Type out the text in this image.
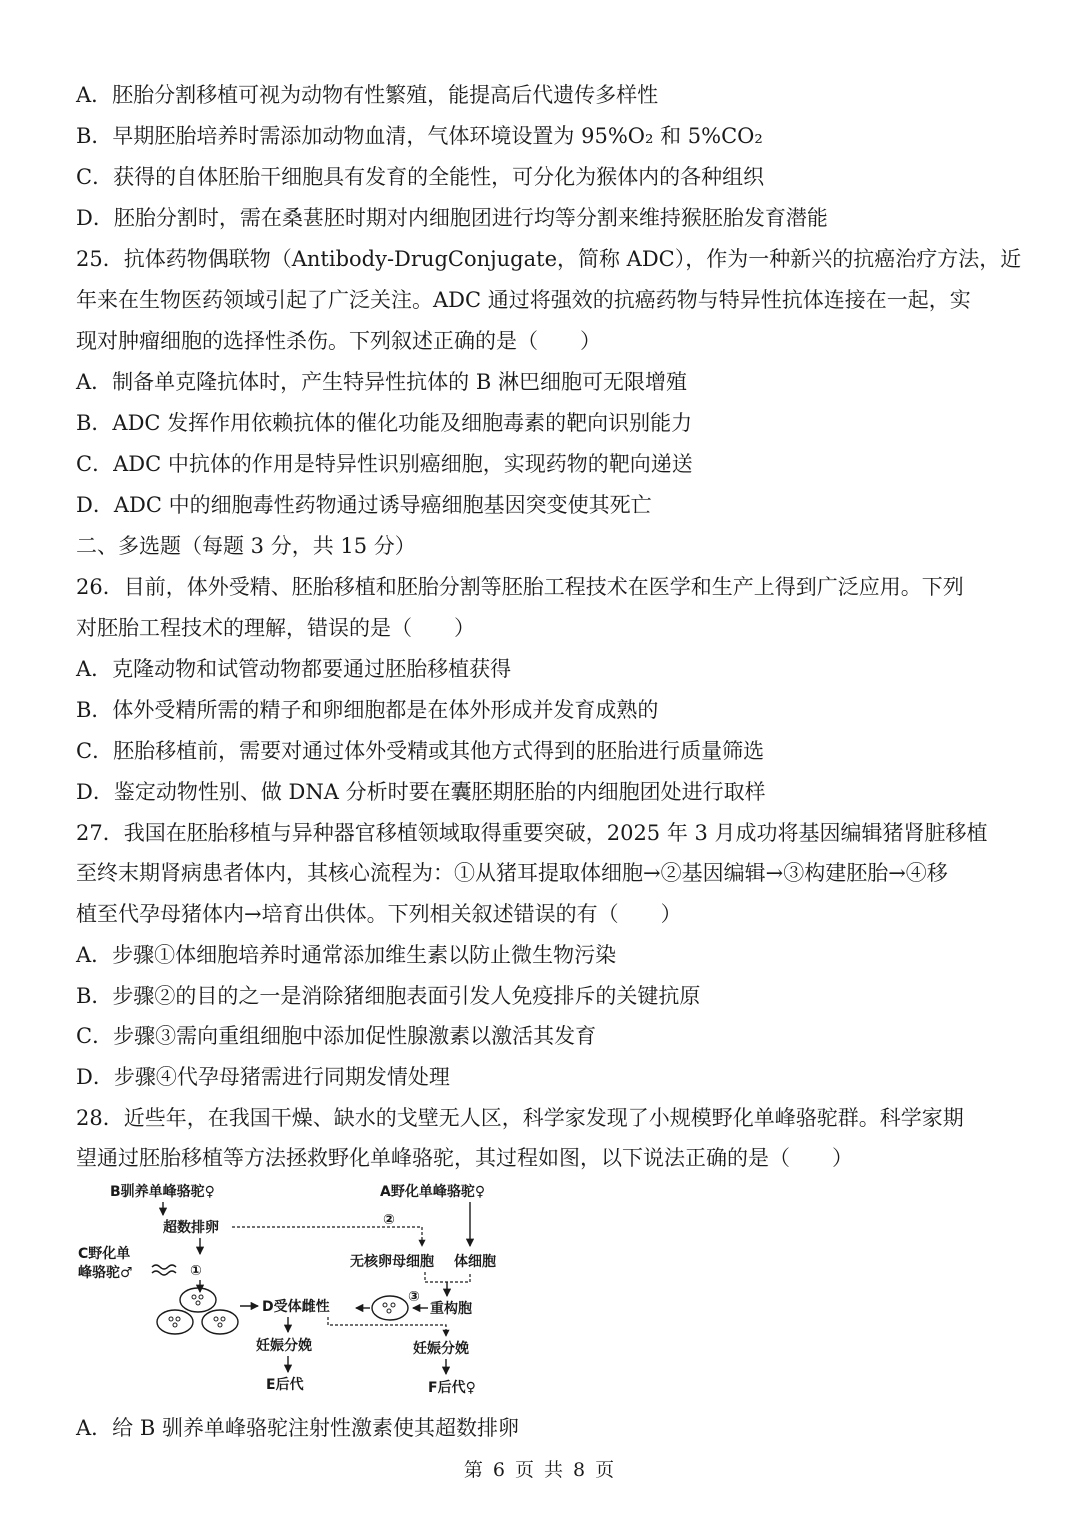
A．胚胎分割移植可视为动物有性繁殖，能提高后代遗传多样性
B．早期胚胎培养时需添加动物血清，气体环境设置为 95%O₂ 和 5%CO₂
C．获得的自体胚胎干细胞具有发育的全能性，可分化为猴体内的各种组织
D．胚胎分割时，需在桑葚胚时期对内细胞团进行均等分割来维持猴胚胎发育潜能
25．抗体药物偶联物（Antibody-DrugConjugate，简称 ADC），作为一种新兴的抗癌治疗方法，近
年来在生物医药领域引起了广泛关注。ADC 通过将强效的抗癌药物与特异性抗体连接在一起，实
现对肿瘤细胞的选择性杀伤。下列叙述正确的是（　　）
A．制备单克隆抗体时，产生特异性抗体的 B 淋巴细胞可无限增殖
B．ADC 发挥作用依赖抗体的催化功能及细胞毒素的靶向识别能力
C．ADC 中抗体的作用是特异性识别癌细胞，实现药物的靶向递送
D．ADC 中的细胞毒性药物通过诱导癌细胞基因突变使其死亡
二、多选题（每题 3 分，共 15 分）
26．目前，体外受精、胚胎移植和胚胎分割等胚胎工程技术在医学和生产上得到广泛应用。下列
对胚胎工程技术的理解，错误的是（　　）
A．克隆动物和试管动物都要通过胚胎移植获得
B．体外受精所需的精子和卵细胞都是在体外形成并发育成熟的
C．胚胎移植前，需要对通过体外受精或其他方式得到的胚胎进行质量筛选
D．鉴定动物性别、做 DNA 分析时要在囊胚期胚胎的内细胞团处进行取样
27．我国在胚胎移植与异种器官移植领域取得重要突破，2025 年 3 月成功将基因编辑猪肾脏移植
至终末期肾病患者体内，其核心流程为：①从猪耳提取体细胞→②基因编辑→③构建胚胎→④移
植至代孕母猪体内→培育出供体。下列相关叙述错误的有（　　）
A．步骤①体细胞培养时通常添加维生素以防止微生物污染
B．步骤②的目的之一是消除猪细胞表面引发人免疫排斥的关键抗原
C．步骤③需向重组细胞中添加促性腺激素以激活其发育
D．步骤④代孕母猪需进行同期发情处理
28．近些年，在我国干燥、缺水的戈壁无人区，科学家发现了小规模野化单峰骆驼群。科学家期
望通过胚胎移植等方法拯救野化单峰骆驼，其过程如图，以下说法正确的是（　　）
B驯养单峰骆驼♀	A野化单峰骆驼♀
超数排卵	②
C野化单
峰骆驼♂	①
无核卵母细胞 体细胞
③
D受体雌性	重构胞
妊娠分娩	妊娠分娩
E后代	F后代♀
A．给 B 驯养单峰骆驼注射性激素使其超数排卵
第 6 页 共 8 页
